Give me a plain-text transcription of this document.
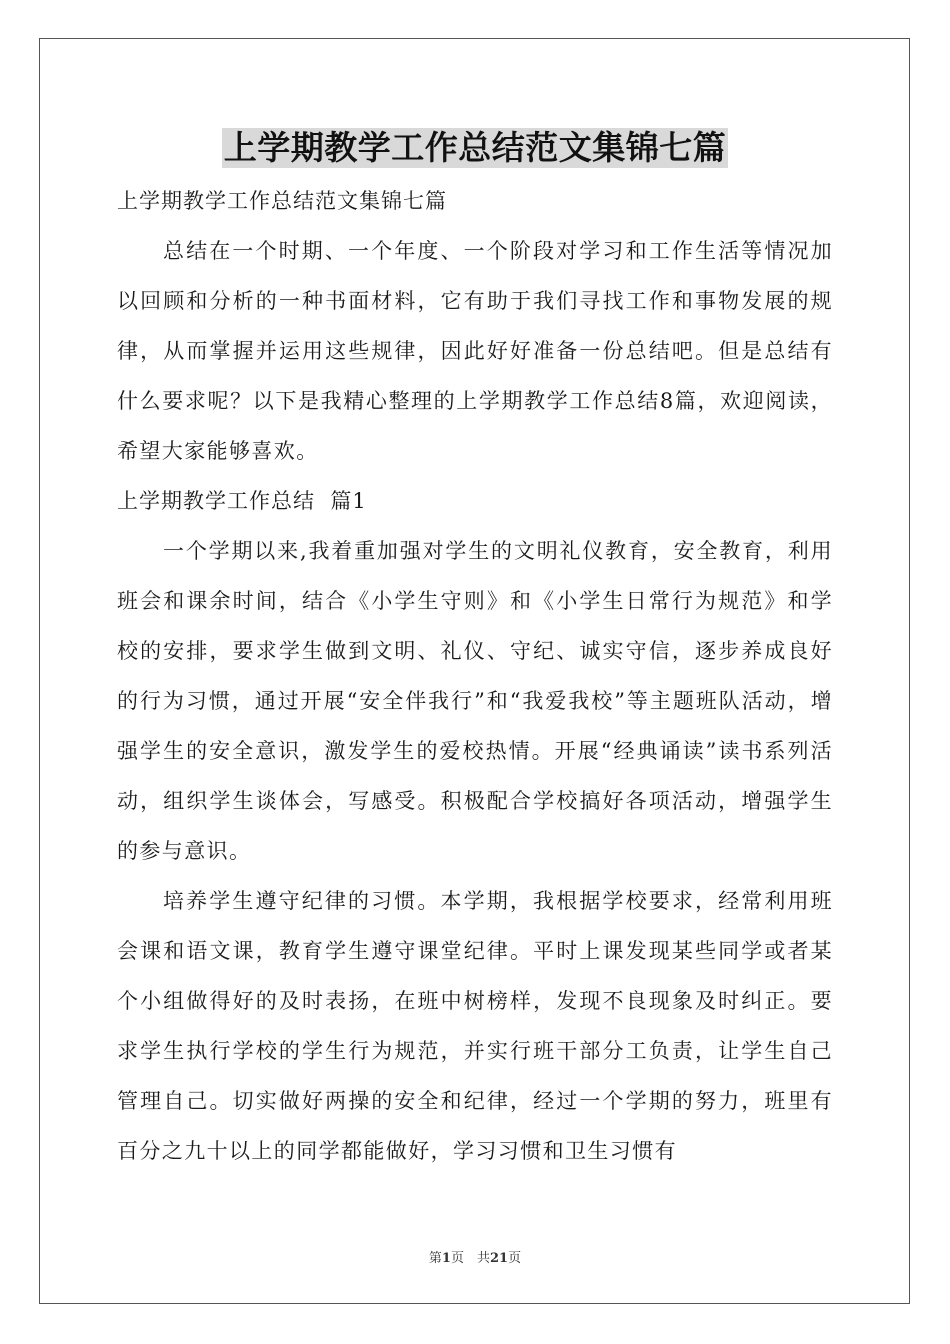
上学期教学工作总结范文集锦七篇

上学期教学工作总结范文集锦七篇

总结在一个时期、一个年度、一个阶段对学习和工作生活等情况加以回顾和分析的一种书面材料，它有助于我们寻找工作和事物发展的规律，从而掌握并运用这些规律，因此好好准备一份总结吧。但是总结有什么要求呢？以下是我精心整理的上学期教学工作总结8篇，欢迎阅读，希望大家能够喜欢。

上学期教学工作总结  篇1

一个学期以来,我着重加强对学生的文明礼仪教育，安全教育，利用班会和课余时间，结合《小学生守则》和《小学生日常行为规范》和学校的安排，要求学生做到文明、礼仪、守纪、诚实守信，逐步养成良好的行为习惯，通过开展“安全伴我行”和“我爱我校”等主题班队活动，增强学生的安全意识，激发学生的爱校热情。开展“经典诵读”读书系列活动，组织学生谈体会，写感受。积极配合学校搞好各项活动，增强学生的参与意识。

培养学生遵守纪律的习惯。本学期，我根据学校要求，经常利用班会课和语文课，教育学生遵守课堂纪律。平时上课发现某些同学或者某个小组做得好的及时表扬，在班中树榜样，发现不良现象及时纠正。要求学生执行学校的学生行为规范，并实行班干部分工负责，让学生自己管理自己。切实做好两操的安全和纪律，经过一个学期的努力，班里有百分之九十以上的同学都能做好，学习习惯和卫生习惯有

第1页　共21页
